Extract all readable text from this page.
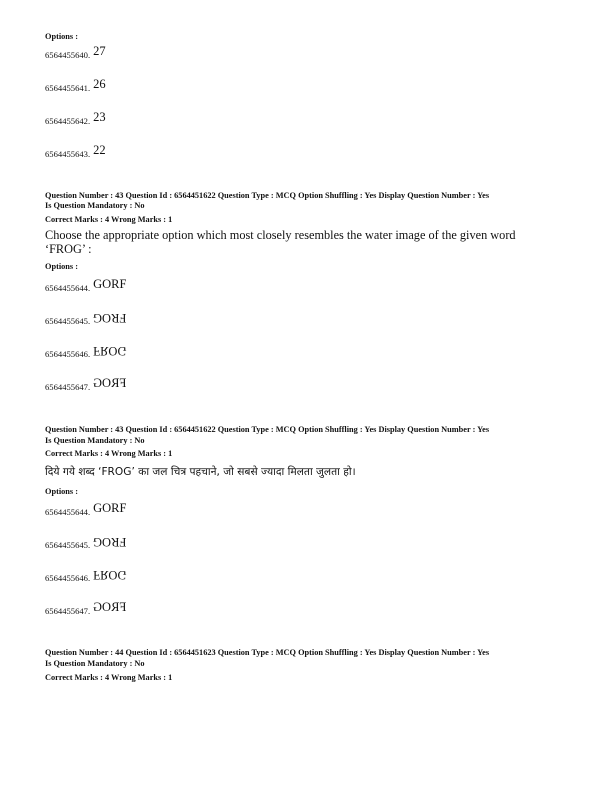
Options :
6564455640. 27
6564455641. 26
6564455642. 23
6564455643. 22
Question Number : 43 Question Id : 6564451622 Question Type : MCQ Option Shuffling : Yes Display Question Number : Yes
Is Question Mandatory : No
Correct Marks : 4 Wrong Marks : 1
Choose the appropriate option which most closely resembles the water image of the given word
‘FROG’ :
Options :
6564455644. GORF
6564455645. FROG
6564455646. FROG
6564455647. FROG
Question Number : 43 Question Id : 6564451622 Question Type : MCQ Option Shuffling : Yes Display Question Number : Yes
Is Question Mandatory : No
Correct Marks : 4 Wrong Marks : 1
दिये गये शब्द ‘FROG’ का जल चित्र पहचाने, जो सबसे ज्यादा मिलता जुलता हो।
Options :
6564455644. GORF
6564455645. FROG
6564455646. FROG
6564455647. FROG
Question Number : 44 Question Id : 6564451623 Question Type : MCQ Option Shuffling : Yes Display Question Number : Yes
Is Question Mandatory : No
Correct Marks : 4 Wrong Marks : 1
